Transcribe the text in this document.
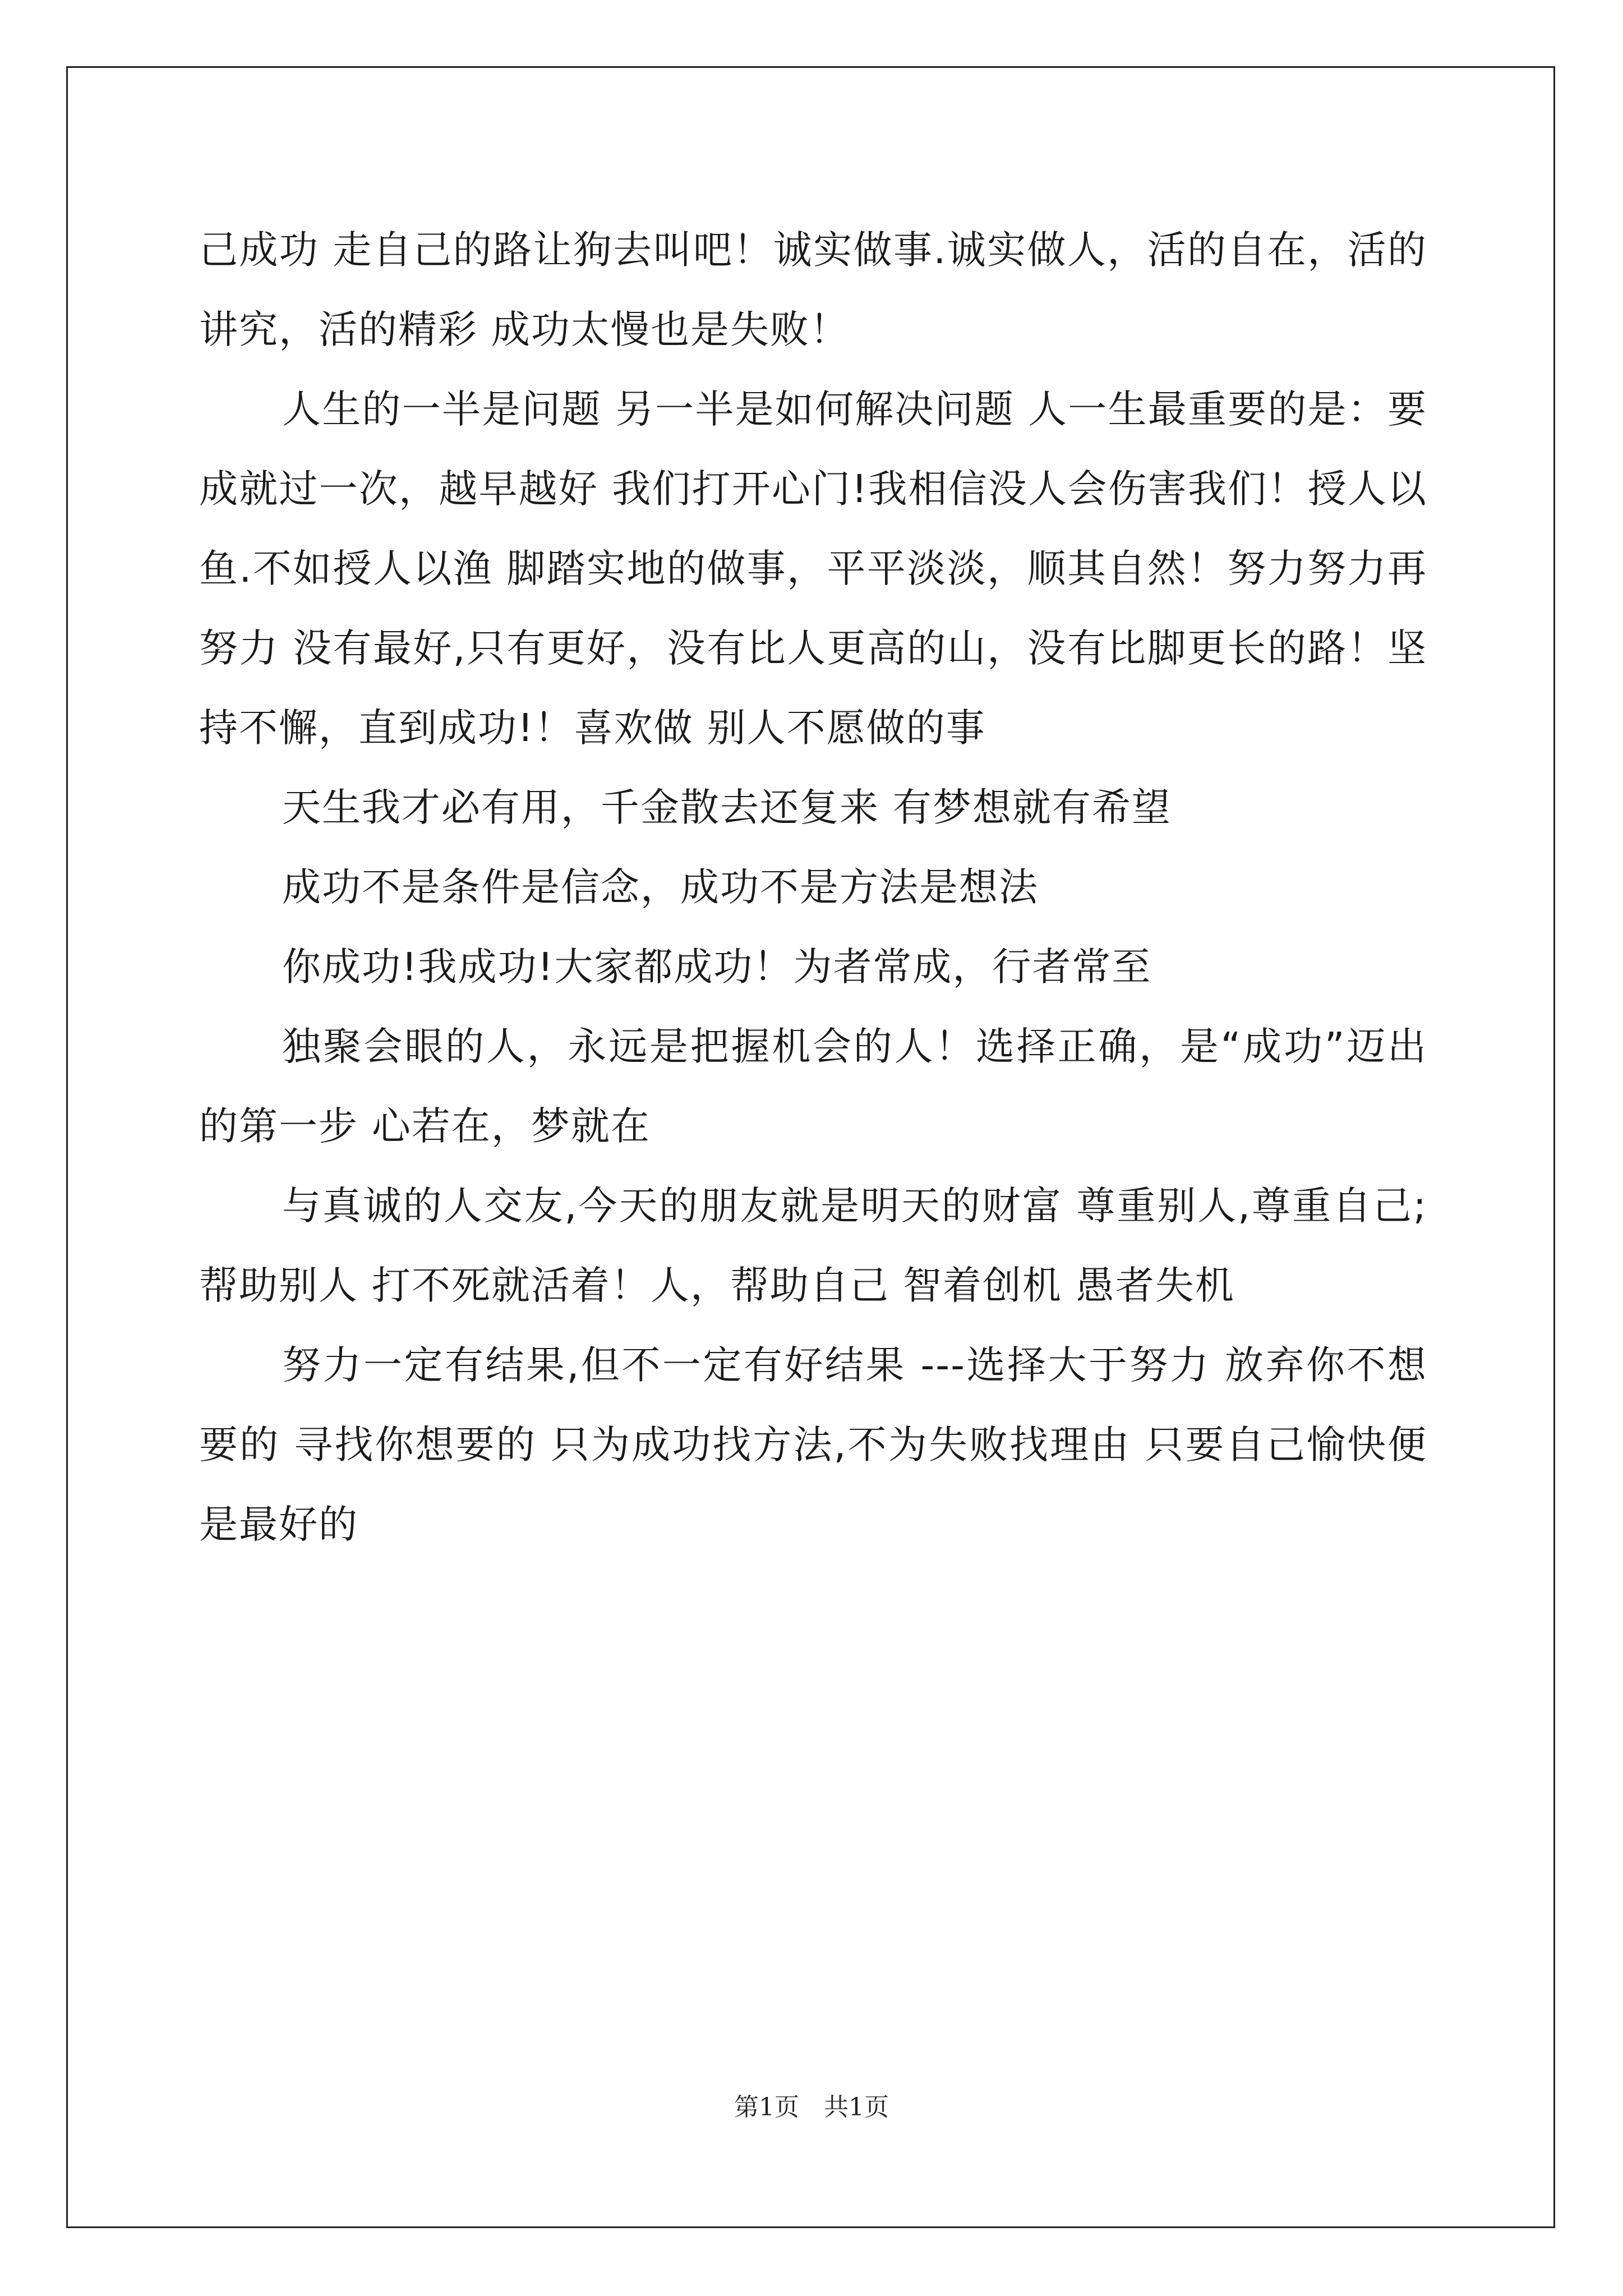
己成功 走自己的路让狗去叫吧！诚实做事.诚实做人，活的自在，活的讲究，活的精彩 成功太慢也是失败！

人生的一半是问题 另一半是如何解决问题 人一生最重要的是：要成就过一次，越早越好 我们打开心门!我相信没人会伤害我们！授人以鱼.不如授人以渔 脚踏实地的做事，平平淡淡，顺其自然！努力努力再努力 没有最好,只有更好，没有比人更高的山，没有比脚更长的路！坚持不懈，直到成功!！喜欢做 别人不愿做的事

天生我才必有用，千金散去还复来 有梦想就有希望

成功不是条件是信念，成功不是方法是想法

你成功!我成功!大家都成功！为者常成，行者常至

独聚会眼的人，永远是把握机会的人！选择正确，是“成功”迈出的第一步 心若在，梦就在

与真诚的人交友,今天的朋友就是明天的财富 尊重别人,尊重自己;帮助别人 打不死就活着！人，帮助自己 智着创机 愚者失机

努力一定有结果,但不一定有好结果 ---选择大于努力 放弃你不想要的 寻找你想要的 只为成功找方法,不为失败找理由 只要自己愉快便是最好的

第1页　共1页
